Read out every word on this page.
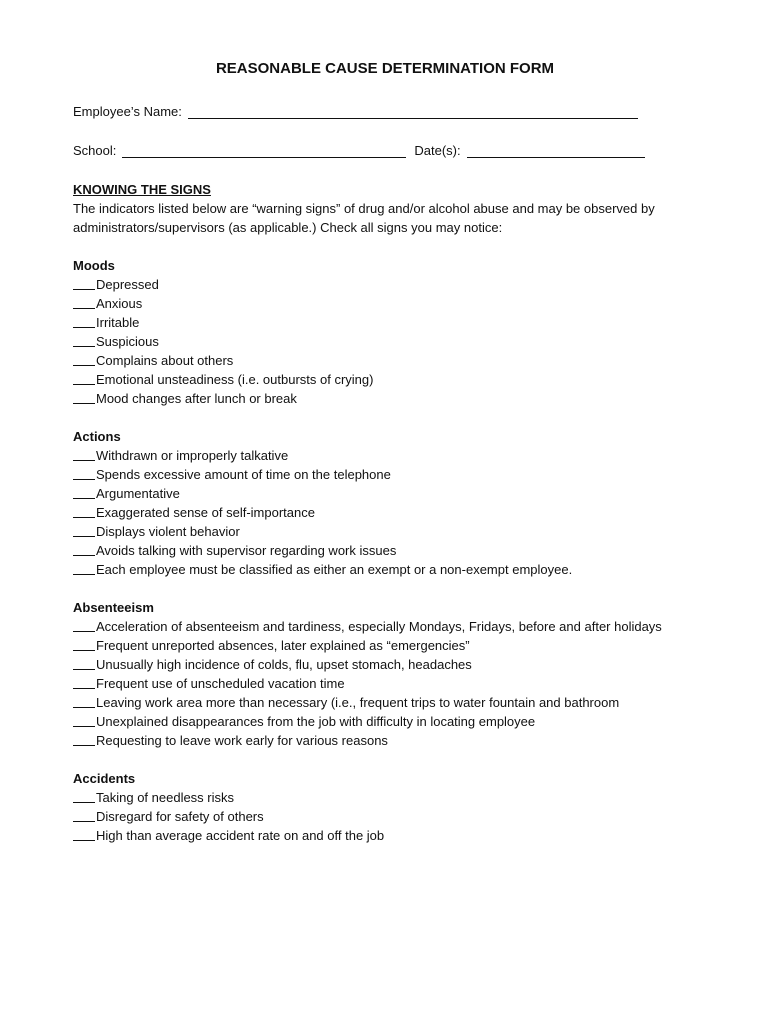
REASONABLE CAUSE DETERMINATION FORM
Employee’s Name:
School:	Date(s):
KNOWING THE SIGNS

The indicators listed below are “warning signs” of drug and/or alcohol abuse and may be observed by administrators/supervisors (as applicable.) Check all signs you may notice:

Moods
Depressed
Anxious
Irritable
Suspicious
Complains about others
Emotional unsteadiness (i.e. outbursts of crying)
Mood changes after lunch or break
Actions
Withdrawn or improperly talkative
Spends excessive amount of time on the telephone
Argumentative
Exaggerated sense of self-importance
Displays violent behavior
Avoids talking with supervisor regarding work issues
Each employee must be classified as either an exempt or a non-exempt employee.
Absenteeism
Acceleration of absenteeism and tardiness, especially Mondays, Fridays, before and after holidays
Frequent unreported absences, later explained as “emergencies”
Unusually high incidence of colds, flu, upset stomach, headaches
Frequent use of unscheduled vacation time
Leaving work area more than necessary (i.e., frequent trips to water fountain and bathroom
Unexplained disappearances from the job with difficulty in locating employee
Requesting to leave work early for various reasons
Accidents
Taking of needless risks
Disregard for safety of others
High than average accident rate on and off the job
